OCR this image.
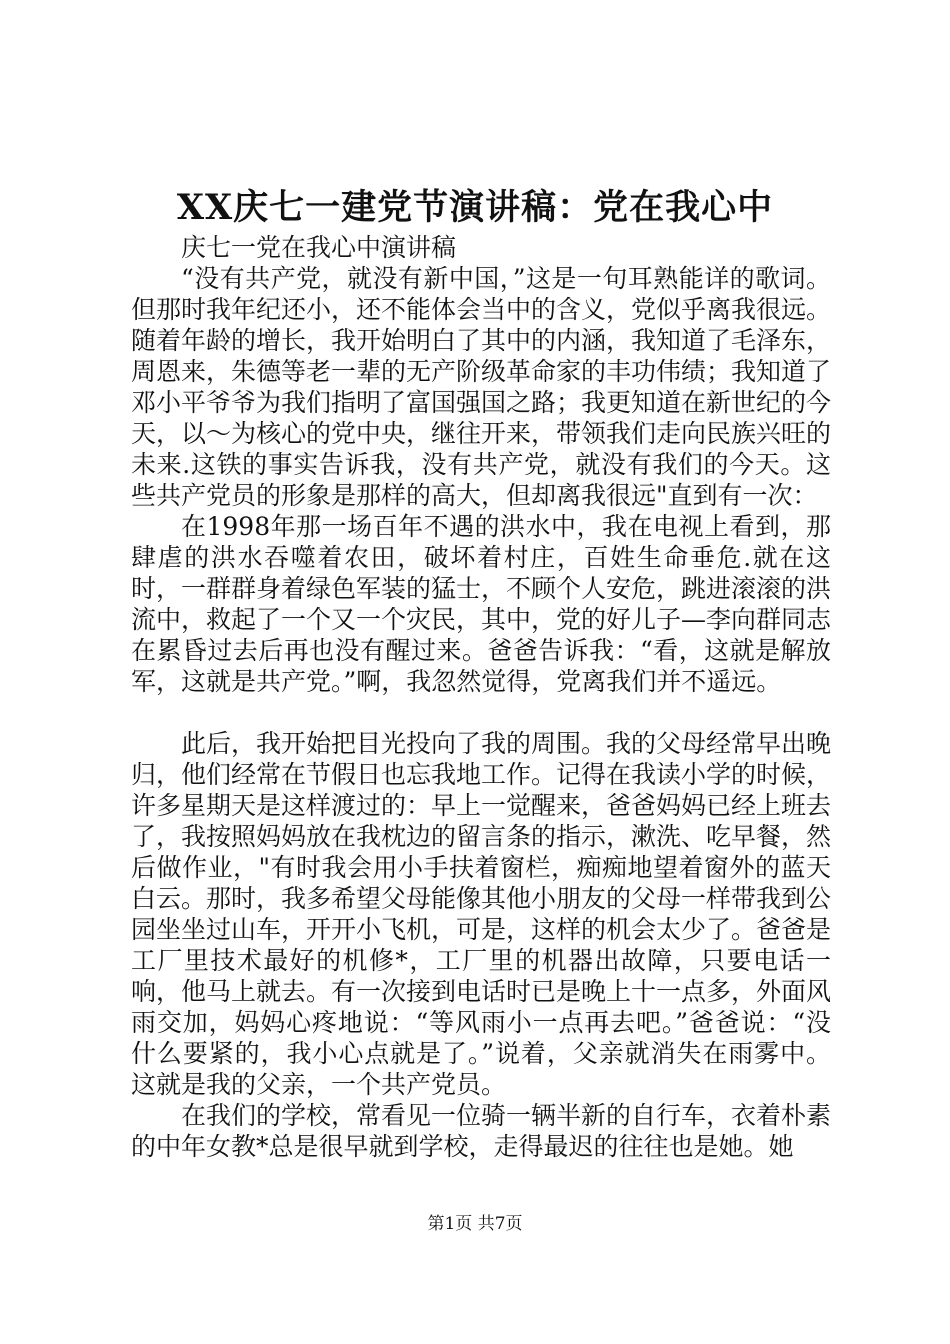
XX庆七一建党节演讲稿：党在我心中

庆七一党在我心中演讲稿

“没有共产党，就没有新中国，”这是一句耳熟能详的歌词。但那时我年纪还小，还不能体会当中的含义，党似乎离我很远。随着年龄的增长，我开始明白了其中的内涵，我知道了毛泽东，周恩来，朱德等老一辈的无产阶级革命家的丰功伟绩；我知道了邓小平爷爷为我们指明了富国强国之路；我更知道在新世纪的今天，以～为核心的党中央，继往开来，带领我们走向民族兴旺的未来.这铁的事实告诉我，没有共产党，就没有我们的今天。这些共产党员的形象是那样的高大，但却离我很远"直到有一次：

在1998年那一场百年不遇的洪水中，我在电视上看到，那肆虐的洪水吞噬着农田，破坏着村庄，百姓生命垂危.就在这时，一群群身着绿色军装的猛士，不顾个人安危，跳进滚滚的洪流中，救起了一个又一个灾民，其中，党的好儿子—李向群同志在累昏过去后再也没有醒过来。爸爸告诉我：“看，这就是解放军，这就是共产党。”啊，我忽然觉得，党离我们并不遥远。

此后，我开始把目光投向了我的周围。我的父母经常早出晚归，他们经常在节假日也忘我地工作。记得在我读小学的时候，许多星期天是这样渡过的：早上一觉醒来，爸爸妈妈已经上班去了，我按照妈妈放在我枕边的留言条的指示，漱洗、吃早餐，然后做作业，"有时我会用小手扶着窗栏，痴痴地望着窗外的蓝天白云。那时，我多希望父母能像其他小朋友的父母一样带我到公园坐坐过山车，开开小飞机，可是，这样的机会太少了。爸爸是工厂里技术最好的机修*，工厂里的机器出故障，只要电话一响，他马上就去。有一次接到电话时已是晚上十一点多，外面风雨交加，妈妈心疼地说：“等风雨小一点再去吧。”爸爸说：“没什么要紧的，我小心点就是了。”说着，父亲就消失在雨雾中。这就是我的父亲，一个共产党员。

在我们的学校，常看见一位骑一辆半新的自行车，衣着朴素的中年女教*总是很早就到学校，走得最迟的往往也是她。她

第1页 共7页
